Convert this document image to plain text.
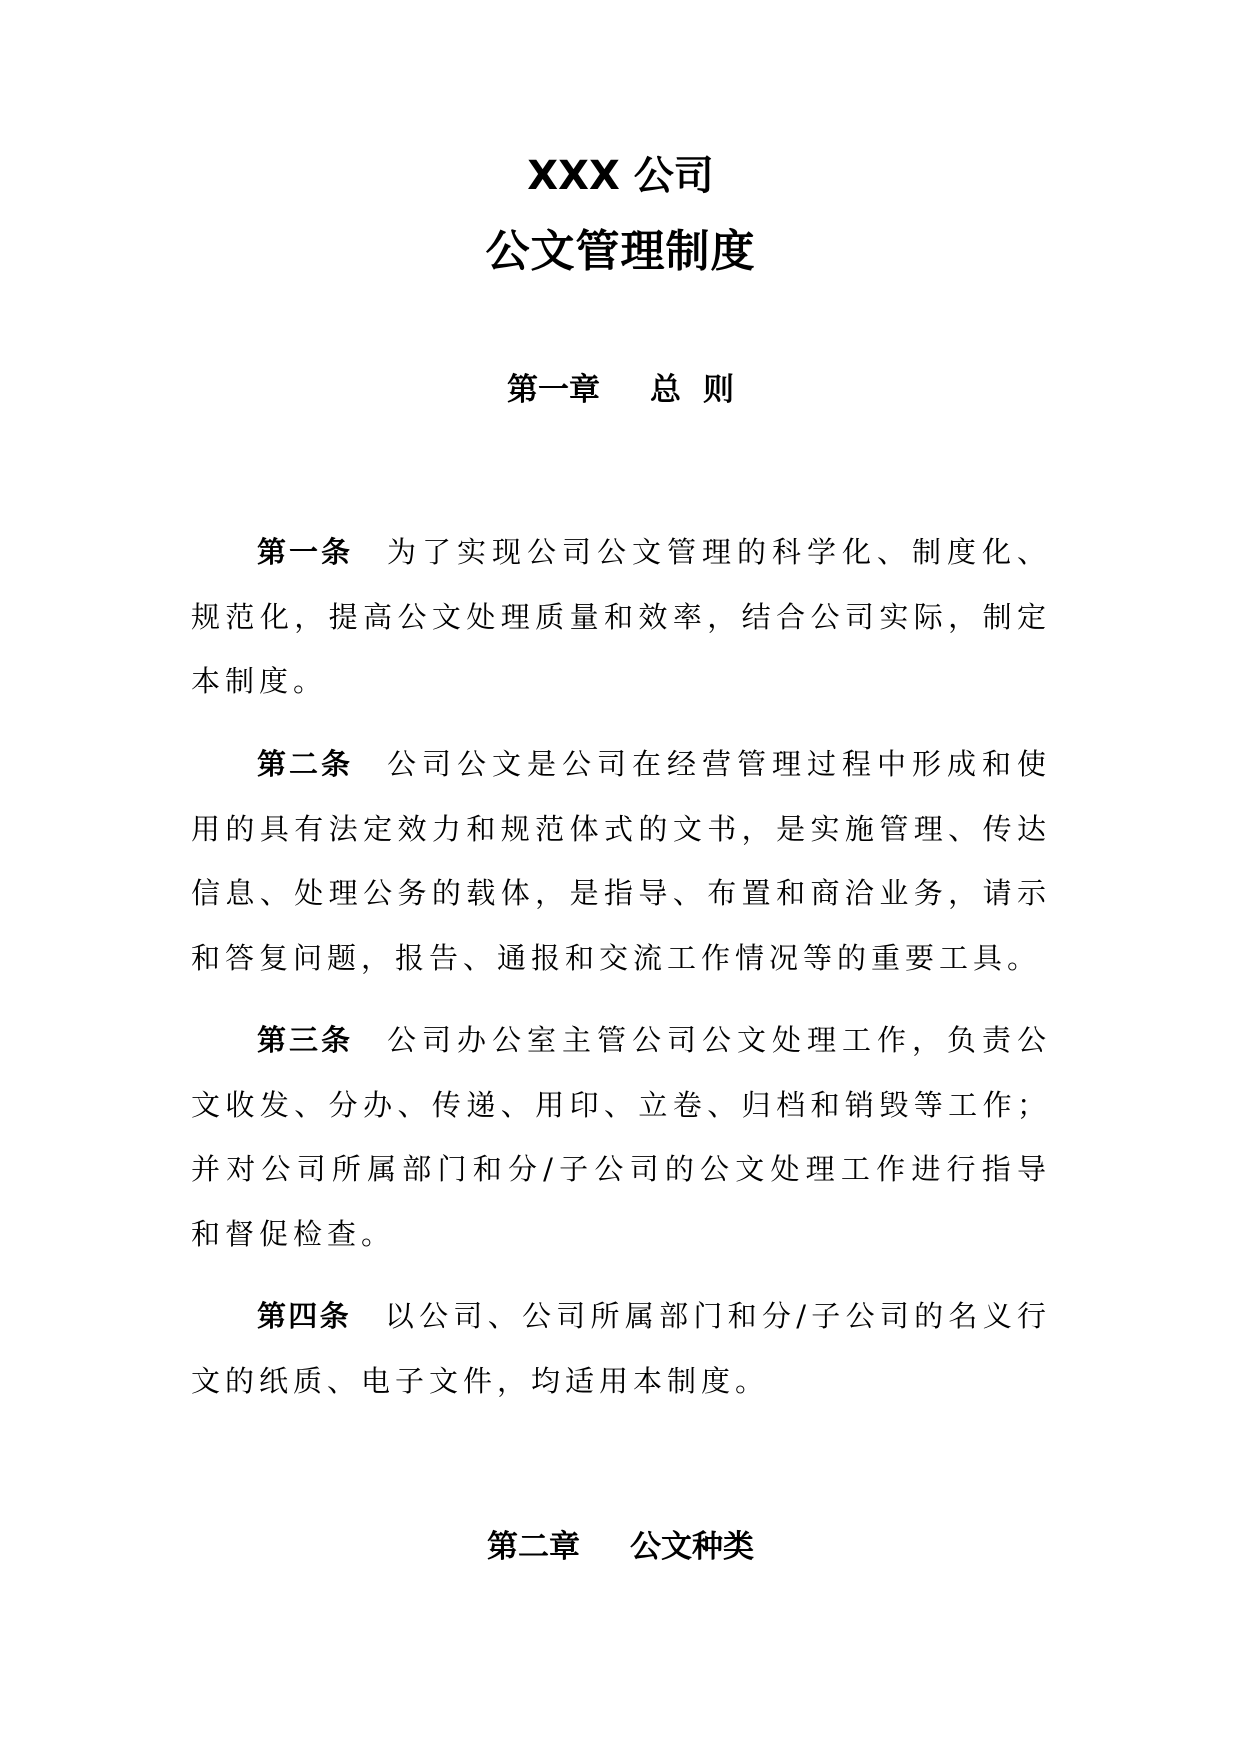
XXX 公司
公文管理制度
第一章 总则

第一条 为了实现公司公文管理的科学化、制度化、规范化，提高公文处理质量和效率，结合公司实际，制定本制度。

第二条 公司公文是公司在经营管理过程中形成和使用的具有法定效力和规范体式的文书，是实施管理、传达信息、处理公务的载体，是指导、布置和商洽业务，请示和答复问题，报告、通报和交流工作情况等的重要工具。

第三条 公司办公室主管公司公文处理工作，负责公文收发、分办、传递、用印、立卷、归档和销毁等工作；并对公司所属部门和分/子公司的公文处理工作进行指导和督促检查。

第四条 以公司、公司所属部门和分/子公司的名义行文的纸质、电子文件，均适用本制度。

第二章 公文种类
